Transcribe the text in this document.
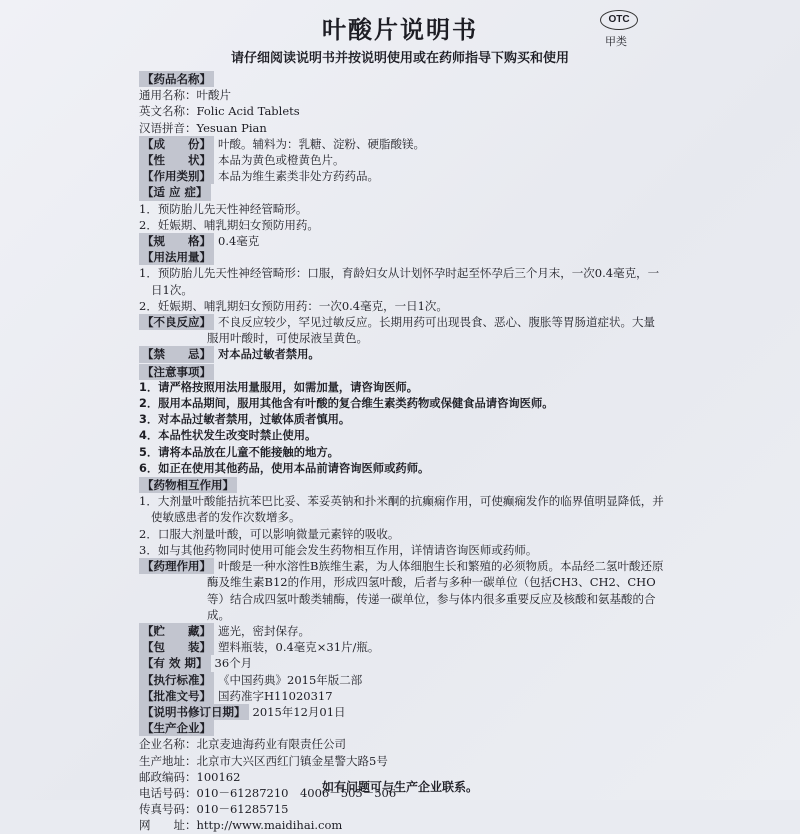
叶酸片说明书	OTC
甲类
请仔细阅读说明书并按说明使用或在药师指导下购买和使用
【药品名称】
通用名称：叶酸片
英文名称：Folic Acid Tablets
汉语拼音：Yesuan Pian
【成　　份】 叶酸。辅料为：乳糖、淀粉、硬脂酸镁。
【性　　状】 本品为黄色或橙黄色片。
【作用类别】 本品为维生素类非处方药药品。
【适 应 症】
1．预防胎儿先天性神经管畸形。
2．妊娠期、哺乳期妇女预防用药。
【规　　格】 0.4毫克
【用法用量】
1．预防胎儿先天性神经管畸形：口服，育龄妇女从计划怀孕时起至怀孕后三个月末，一次0.4毫克，一日1次。
2．妊娠期、哺乳期妇女预防用药：一次0.4毫克，一日1次。
【不良反应】 不良反应较少，罕见过敏反应。长期用药可出现畏食、恶心、腹胀等胃肠道症状。大量服用叶酸时，可使尿液呈黄色。
【禁　　忌】 对本品过敏者禁用。
【注意事项】
1．请严格按照用法用量服用，如需加量，请咨询医师。
2．服用本品期间，服用其他含有叶酸的复合维生素类药物或保健食品请咨询医师。
3．对本品过敏者禁用，过敏体质者慎用。
4．本品性状发生改变时禁止使用。
5．请将本品放在儿童不能接触的地方。
6．如正在使用其他药品，使用本品前请咨询医师或药师。
【药物相互作用】
1．大剂量叶酸能拮抗苯巴比妥、苯妥英钠和扑米酮的抗癫痫作用，可使癫痫发作的临界值明显降低，并使敏感患者的发作次数增多。
2．口服大剂量叶酸，可以影响微量元素锌的吸收。
3．如与其他药物同时使用可能会发生药物相互作用，详情请咨询医师或药师。
【药理作用】 叶酸是一种水溶性B族维生素，为人体细胞生长和繁殖的必须物质。本品经二氢叶酸还原酶及维生素B12的作用，形成四氢叶酸，后者与多种一碳单位（包括CH3、CH2、CHO 等）结合成四氢叶酸类辅酶，传递一碳单位，参与体内很多重要反应及核酸和氨基酸的合成。
【贮　　藏】 遮光，密封保存。
【包　　装】 塑料瓶装，0.4毫克×31片/瓶。
【有 效 期】 36个月
【执行标准】 《中国药典》2015年版二部
【批准文号】 国药准字H11020317
【说明书修订日期】 2015年12月01日
【生产企业】
企业名称：北京麦迪海药业有限责任公司
生产地址：北京市大兴区西红门镇金星警大路5号
邮政编码：100162
电话号码：010－61287210　4006－505－506
传真号码：010－61285715
网　　址：http://www.maidihai.com
如有问题可与生产企业联系。
